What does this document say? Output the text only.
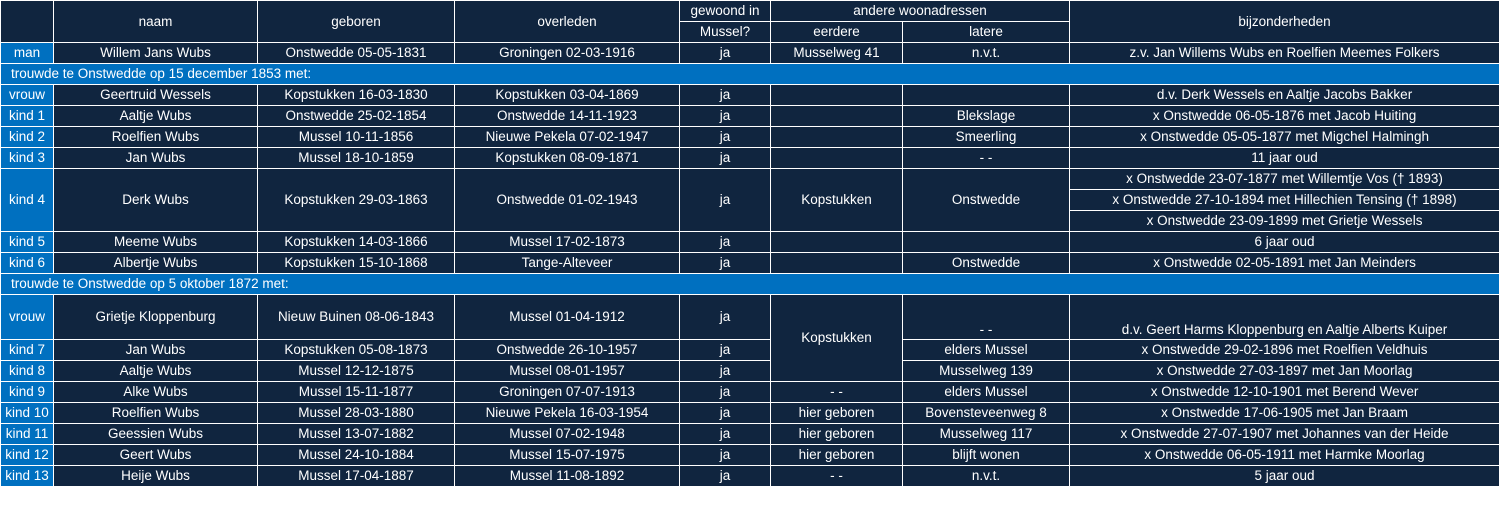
	naam	geboren	overleden	gewoond in	andere woonadressen		bijzonderheden
				Mussel?	eerdere	latere	
man	Willem Jans Wubs	Onstwedde 05-05-1831	Groningen 02-03-1916	ja	Musselweg 41	n.v.t.	z.v. Jan Willems Wubs en Roelfien Meemes Folkers
trouwde te Onstwedde op 15 december 1853 met:							
vrouw	Geertruid Wessels	Kopstukken 16-03-1830	Kopstukken 03-04-1869	ja			d.v. Derk Wessels en Aaltje Jacobs Bakker
kind 1	Aaltje Wubs	Onstwedde 25-02-1854	Onstwedde 14-11-1923	ja		Blekslage	x Onstwedde 06-05-1876 met Jacob Huiting
kind 2	Roelfien Wubs	Mussel 10-11-1856	Nieuwe Pekela 07-02-1947	ja		Smeerling	x Onstwedde 05-05-1877 met Migchel Halmingh
kind 3	Jan Wubs	Mussel 18-10-1859	Kopstukken 08-09-1871	ja		- -	11 jaar oud
kind 4	Derk Wubs	Kopstukken 29-03-1863	Onstwedde 01-02-1943	ja	Kopstukken	Onstwedde	x Onstwedde 23-07-1877 met Willemtje Vos († 1893)
							x Onstwedde 27-10-1894 met Hillechien Tensing († 1898)
							x Onstwedde 23-09-1899 met Grietje Wessels
kind 5	Meeme Wubs	Kopstukken 14-03-1866	Mussel 17-02-1873	ja			6 jaar oud
kind 6	Albertje Wubs	Kopstukken 15-10-1868	Tange-Alteveer	ja		Onstwedde	x Onstwedde 02-05-1891 met Jan Meinders
trouwde te Onstwedde op 5 oktober 1872 met:							
vrouw	Grietje Kloppenburg	Nieuw Buinen 08-06-1843	Mussel 01-04-1912	ja	Kopstukken	- -	d.v. Geert Harms Kloppenburg en Aaltje Alberts Kuiper
kind 7	Jan Wubs	Kopstukken 05-08-1873	Onstwedde 26-10-1957	ja		elders Mussel	x Onstwedde 29-02-1896 met Roelfien Veldhuis
kind 8	Aaltje Wubs	Mussel 12-12-1875	Mussel 08-01-1957	ja		Musselweg 139	x Onstwedde 27-03-1897 met Jan Moorlag
kind 9	Alke Wubs	Mussel 15-11-1877	Groningen 07-07-1913	ja	- -	elders Mussel	x Onstwedde 12-10-1901 met Berend Wever
kind 10	Roelfien Wubs	Mussel 28-03-1880	Nieuwe Pekela 16-03-1954	ja	hier geboren	Bovensteveenweg 8	x Onstwedde 17-06-1905 met Jan Braam
kind 11	Geessien Wubs	Mussel 13-07-1882	Mussel 07-02-1948	ja	hier geboren	Musselweg 117	x Onstwedde 27-07-1907 met Johannes van der Heide
kind 12	Geert Wubs	Mussel 24-10-1884	Mussel 15-07-1975	ja	hier geboren	blijft wonen	x Onstwedde 06-05-1911 met Harmke Moorlag
kind 13	Heije Wubs	Mussel 17-04-1887	Mussel 11-08-1892	ja	- -	n.v.t.	5 jaar oud
